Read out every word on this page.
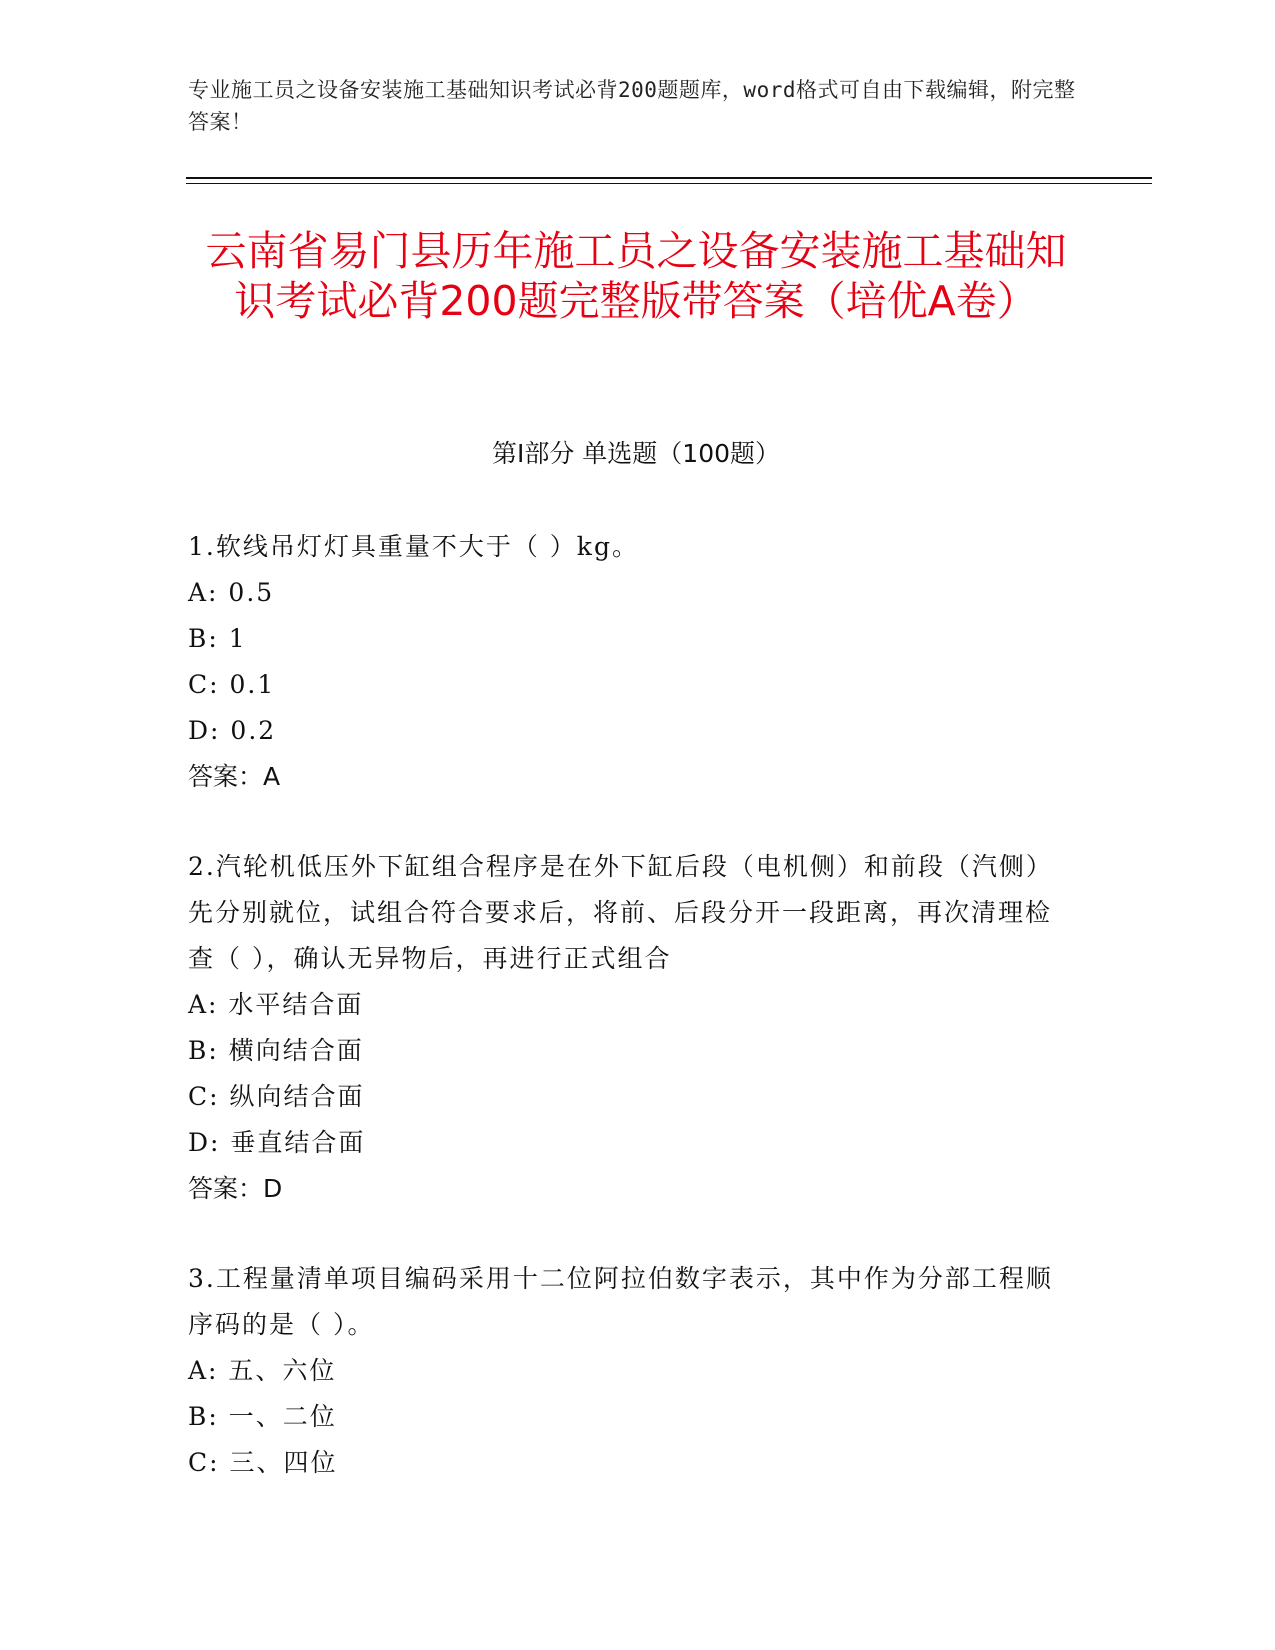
专业施工员之设备安装施工基础知识考试必背200题题库，word格式可自由下载编辑，附完整答案！
云南省易门县历年施工员之设备安装施工基础知识考试必背200题完整版带答案（培优A卷）
第Ⅰ部分 单选题（100题）

1.软线吊灯灯具重量不大于（ ）kg。

A: 0.5

B: 1

C: 0.1

D: 0.2

答案：A

2.汽轮机低压外下缸组合程序是在外下缸后段（电机侧）和前段（汽侧）先分别就位，试组合符合要求后，将前、后段分开一段距离，再次清理检查（ ），确认无异物后，再进行正式组合

A: 水平结合面

B: 横向结合面

C: 纵向结合面

D: 垂直结合面

答案：D

3.工程量清单项目编码采用十二位阿拉伯数字表示，其中作为分部工程顺序码的是（ ）。

A: 五、六位

B: 一、二位

C: 三、四位
